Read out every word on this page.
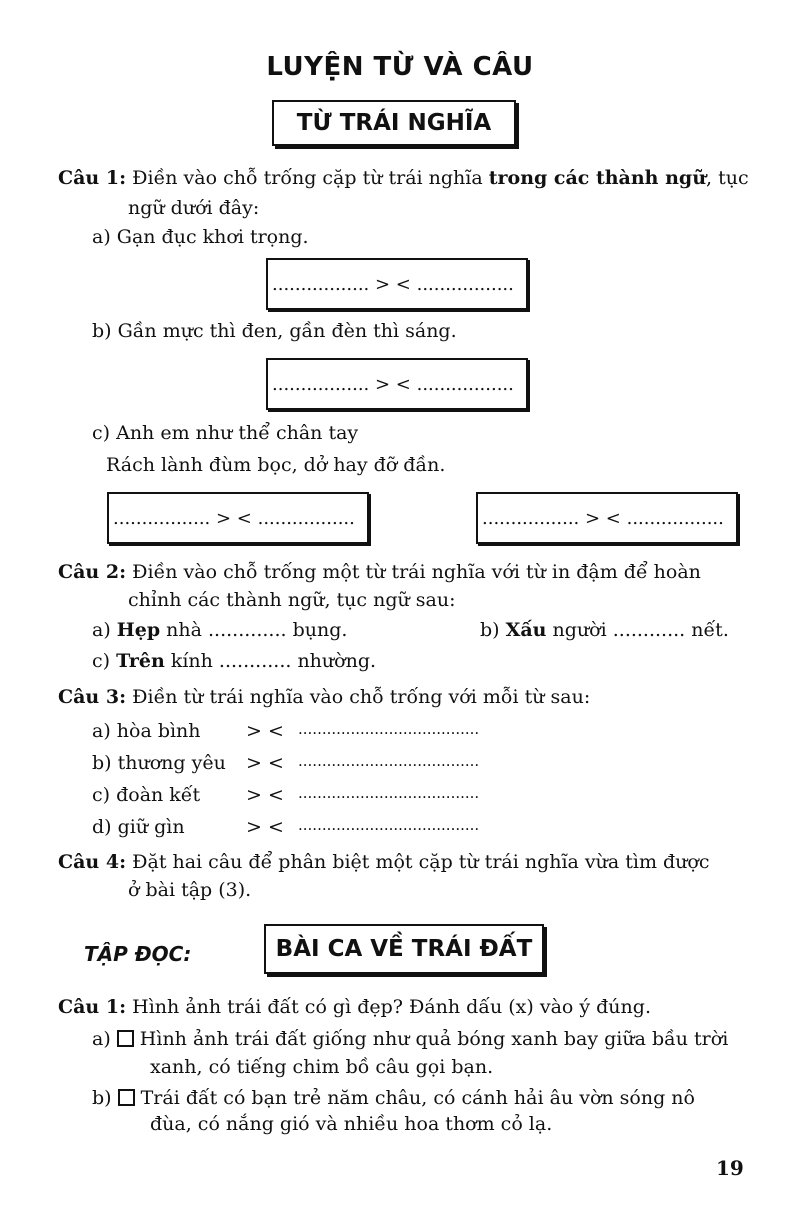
LUYỆN TỪ VÀ CÂU
TỪ TRÁI NGHĨA
Câu 1: Điền vào chỗ trống cặp từ trái nghĩa trong các thành ngữ, tục
ngữ dưới đây:
a) Gạn đục khơi trọng.
................. > < .................
b) Gần mực thì đen, gần đèn thì sáng.
................. > < .................
c) Anh em như thể chân tay
Rách lành đùm bọc, dở hay đỡ đần.
................. > < .................	................. > < .................
Câu 2: Điền vào chỗ trống một từ trái nghĩa với từ in đậm để hoàn
chỉnh các thành ngữ, tục ngữ sau:
a) Hẹp nhà ............. bụng.	b) Xấu người ............ nết.
c) Trên kính ............ nhường.
Câu 3: Điền từ trái nghĩa vào chỗ trống với mỗi từ sau:
a) hòa bình > < ......................................
b) thương yêu > < ......................................
c) đoàn kết > < ......................................
d) giữ gìn	> < ......................................
Câu 4: Đặt hai câu để phân biệt một cặp từ trái nghĩa vừa tìm được
ở bài tập (3).
TẬP ĐỌC:	BÀI CA VỀ TRÁI ĐẤT
Câu 1: Hình ảnh trái đất có gì đẹp? Đánh dấu (x) vào ý đúng.
a) Hình ảnh trái đất giống như quả bóng xanh bay giữa bầu trời
xanh, có tiếng chim bồ câu gọi bạn.
b) Trái đất có bạn trẻ năm châu, có cánh hải âu vờn sóng nô
đùa, có nắng gió và nhiều hoa thơm cỏ lạ.
19
